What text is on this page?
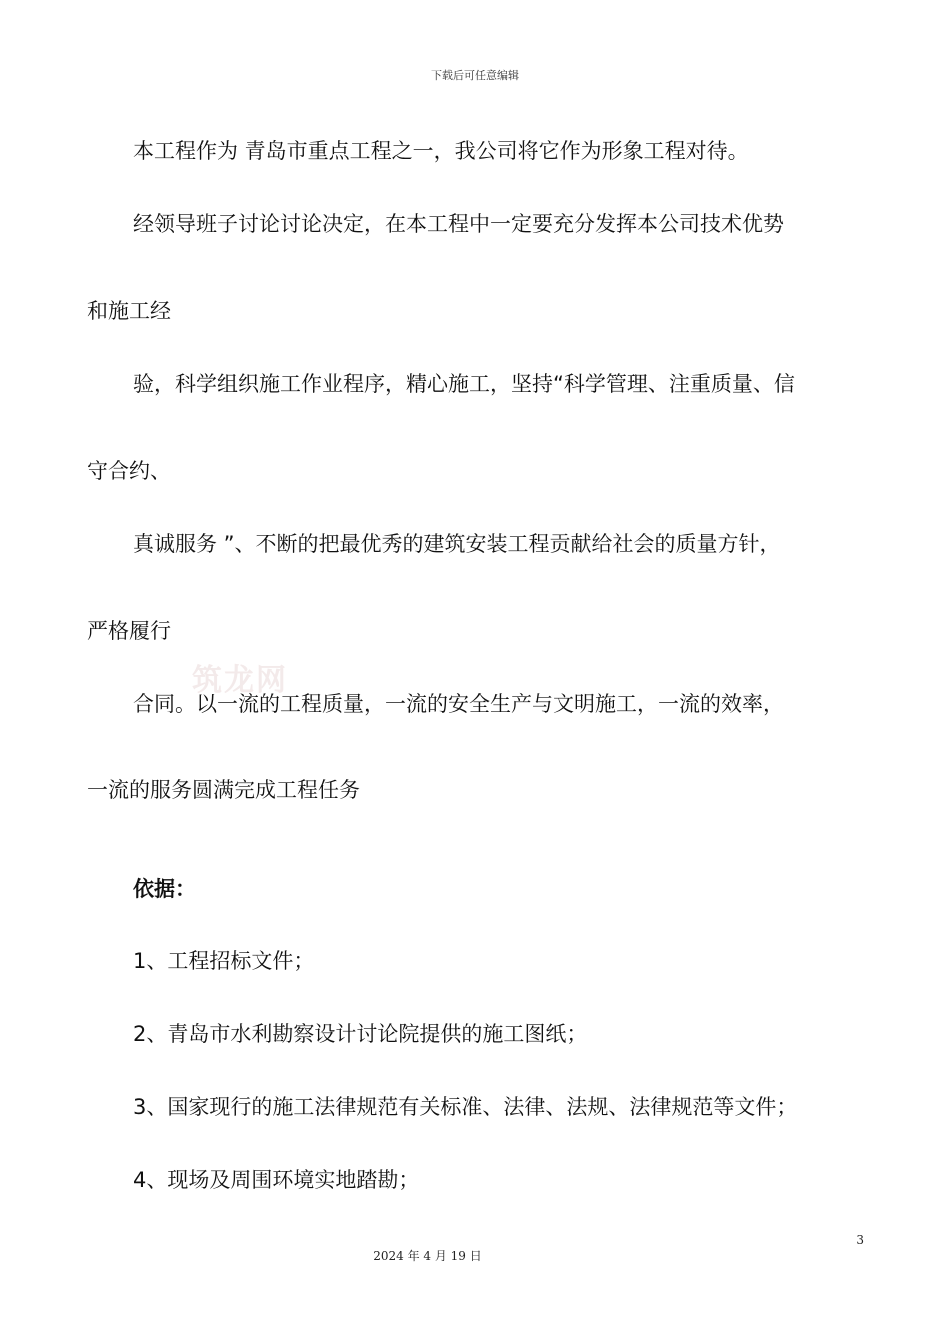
下载后可任意编辑
筑龙网
本工程作为 青岛市重点工程之一，我公司将它作为形象工程对待。
经领导班子讨论讨论决定，在本工程中一定要充分发挥本公司技术优势
和施工经
验，科学组织施工作业程序，精心施工，坚持“科学管理、注重质量、信
守合约、
真诚服务 ”、不断的把最优秀的建筑安装工程贡献给社会的质量方针，
严格履行
合同。以一流的工程质量，一流的安全生产与文明施工，一流的效率，
一流的服务圆满完成工程任务
依据：
1、工程招标文件；
2、青岛市水利勘察设计讨论院提供的施工图纸；
3、国家现行的施工法律规范有关标准、法律、法规、法律规范等文件；
4、现场及周围环境实地踏勘；
3
2024 年 4 月 19 日
